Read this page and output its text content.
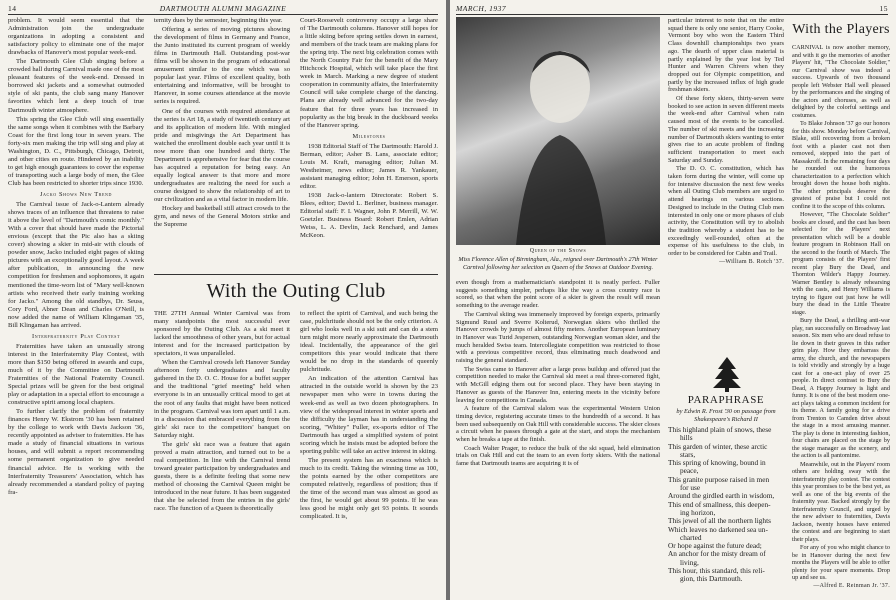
14	DARTMOUTH ALUMNI MAGAZINE

problem. It would seem essential that the Administration join the undergraduate organizations in adopting a consistent and satisfactory policy to eliminate one of the major drawbacks of Hanover's most popular week-end.

The Dartmouth Glee Club singing before a crowded hall during Carnival made one of the most pleasant features of the week-end. Dressed in borrowed ski jackets and a somewhat outmoded style of ski pants, the club sang many Hanover favorites which lent a deep touch of true Dartmouth winter atmosphere.

This spring the Glee Club will sing essentially the same songs when it combines with the Barbary Coast for the first long tour in seven years. The forty-six men making the trip will sing and play at Washington, D. C., Pittsburgh, Chicago, Detroit, and other cities en route. Hindered by an inability to get high enough guarantees to cover the expense of transporting such a large body of men, the Glee Club has been restricted to shorter trips since 1930.

Jacko Shows New Trend

The Carnival issue of Jack-o-Lantern already shows traces of an influence that threatens to raise it above the level of "Dartmouth's comic monthly." With a cover that should have made the Pictorial envious (except that the Pic also has a skiing cover) showing a skier in mid-air with clouds of powder snow, Jacko included eight pages of skiing pictures with an exceptionally good layout. A week after publication, in announcing the new competition for freshmen and sophomores, it again mentioned the time-worn list of "Mary well-known artists who received their early training working for Jacko." Among the old standbys, Dr. Seuss, Cory Ford, Abner Dean and Charles O'Neill, is now added the name of William Klingaman '35, Bill Klingaman has arrived.

Interfraternity Play Contest

Fraternities have taken an unusually strong interest in the Interfraternity Play Contest, with more than $150 being offered in awards and cups, much of it by the Committee on Dartmouth Fraternities of the National Fraternity Council. Special prizes will be given for the best original play or adaptation in a special effort to encourage a constructive spirit among local chapters.

To further clarify the problem of fraternity finances Henry W. Ekstrom '30 has been retained by the college to work with Davis Jackson '36, recently appointed as adviser to fraternities. He has made a study of financial situations in various houses, and will submit a report recommending some permanent organization to give needed financial advice. He is working with the Interfraternity Treasurers' Association, which has already recommended a standard policy of paying fra-

ternity dues by the semester, beginning this year.

Offering a series of moving pictures showing the development of films in Germany and France, the Junto instituted its current program of weekly films in Dartmouth Hall. Outstanding post-war films will be shown in the program of educational amusement similar to the one which was so popular last year. Films of excellent quality, both entertaining and informative, will be brought to Hanover, in some courses attendance at the movie series is required.

One of the courses with required attendance at the series is Art 18, a study of twentieth century art and its application of modern life. With mingled pride and misgivings the Art Department has watched the enrollment double each year until it is now more than one hundred and thirty. The Department is apprehensive for fear that the course has acquired a reputation for being easy. An equally logical answer is that more and more undergraduates are realizing the need for such a course designed to show the relationship of art to our civilization and as a vital factor in modern life.

Hockey and basketball still attract crowds to the gym, and news of the General Motors strike and the Supreme

Court-Roosevelt controversy occupy a large share of The Dartmouth columns. Hanover still hopes for a little skiing before spring settles down in earnest, and members of the track team are making plans for the spring trip. The next big celebration comes with the North Country Fair for the benefit of the Mary Hitchcock Hospital, which will take place the first week in March. Marking a new degree of student cooperation in community affairs, the Interfraternity Council will take complete charge of the dancing. Plans are already well advanced for the two-day feature that for three years has increased in popularity as the big break in the duckboard weeks of the Hanover spring.

Milestones

1938 Editorial Staff of The Dartmouth: Harold J. Berman, editor; Asher B. Lans, associate editor; Louis M. Kraft, managing editor; Julian M. Westheimer, news editor; James R. Yankauer, assistant managing editor; John H. Emerson, sports editor.

1938 Jack-o-lantern Directorate: Robert S. Blees, editor; David L. Berliner, business manager. Editorial staff: F. I. Wagner, John P. Merrill, W. W. Goetzler. Business Board: Robert Emlen, Adrian Weiss, L. A. Devlin, Jack Renchard, and James McKeon.

With the Outing Club

THE 27TH Annual Winter Carnival was from many standpoints the most successful ever sponsored by the Outing Club. As a ski meet it lacked the smoothness of other years, but for actual interest and for the increased participation by spectators, it was unparalleled.

When the Carnival crowds left Hanover Sunday afternoon forty undergraduates and faculty gathered in the D. O. C. House for a buffet supper and the traditional "grief meeting" held when everyone is in an unusually critical mood to get at the root of any faults that might have been noticed in the program. Carnival was torn apart until 1 a.m. in a discussion that embraced everything from the girls' ski race to the competitors' banquet on Saturday night.

The girls' ski race was a feature that again proved a main attraction, and turned out to be a real competition. In line with the Carnival trend toward greater participation by undergraduates and guests, there is a definite feeling that some new method of choosing the Carnival Queen might be introduced in the near future. It has been suggested that she be selected from the entries in the girls' race. The function of a Queen is theoretically

to reflect the spirit of Carnival, and such being the case, pulchritude should not be the only criterion. A girl who looks well in a ski suit and can do a stem turn might more nearly approximate the Dartmouth ideal. Incidentally, the appearance of the girl competitors this year would indicate that there would be no drop in the standards of queenly pulchritude.

An indication of the attention Carnival has attracted in the outside world is shown by the 23 newspaper men who were in towns during the week-end as well as two dozen photographers. In view of the widespread interest in winter sports and the difficulty the layman has in understanding the scoring, "Whitey" Fuller, ex-sports editor of The Dartmouth has urged a simplified system of point scoring which he insists must be adopted before the sporting public will take an active interest in skiing.

The present system has an exactness which is much to its credit. Taking the winning time as 100, the points earned by the other competitors are computed relatively, regardless of position; thus if the time of the second man was almost as good as the first, he would get about 99 points. If he was less good he might only get 93 points. It sounds complicated. It is,

MARCH, 1937	15

even though from a mathematician's standpoint it is neatly perfect. Fuller suggests something simpler, perhaps like the way a cross country race is scored, so that when the point score of a skier is given the result will mean something to the average reader.

The Carnival skiing was immensely improved by foreign experts, primarily Sigmund Ruud and Sverre Kolterud, Norwegian skiers who thrilled the Hanover crowds by jumps of almost fifty meters. Another European luminary in Hanover was Turid Jespersen, outstanding Norwegian woman skier, and the much heralded Swiss team. Intercollegiate competition was restricted to those with a previous competitive record, thus eliminating much deadwood and raising the general standard.

The Swiss came to Hanover after a large press buildup and offered just the competition needed to make the Carnival ski meet a real three-cornered fight, with McGill edging them out for second place. They have been staying in Hanover as guests of the Hanover Inn, entering meets in the vicinity before leaving for competitions in Canada.

A feature of the Carnival slalom was the experimental Western Union timing device, registering accurate times to the hundredth of a second. It has been used subsequently on Oak Hill with considerable success. The skier closes a circuit when he passes through a gate at the start, and stops the mechanism when he breaks a tape at the finish.

Coach Walter Prager, to reduce the bulk of the ski squad, held elimination trials on Oak Hill and cut the team to an even forty skiers. With the national fame that Dartmouth teams are acquiring it is of

Queen of the Snows
Miss Florence Allen of Birmingham, Ala., reigned over Dartmouth's 27th Winter Carnival following her selection as Queen of the Snows at Outdoor Evening.

particular interest to note that on the entire squad there is only one senior, Harry Cooke, Vermont boy who won the Eastern Third Class downhill championships two years ago. The dearth of upper class material is partly explained by the year lost by Ted Hunter and Warren Chivers when they dropped out for Olympic competition, and partly by the increased influx of high grade freshman skiers.

Of these forty skiers, thirty-seven were booked to see action in seven different meets the week-end after Carnival when rain caused most of the events to be cancelled. The number of ski meets and the increasing number of Dartmouth skiers wanting to enter gives rise to an acute problem of finding sufficient transportation to meet each Saturday and Sunday.

The D. O. C. constitution, which has taken form during the winter, will come up for intensive discussion the next few weeks when all Outing Club members are urged to attend hearings on various sections. Designed to include in the Outing Club men interested in only one or more phases of club activity, the Constitution will try to abolish the tradition whereby a student has to be exceedingly well-rounded, often at the expense of his usefulness to the club, in order to be considered for Cabin and Trail.

—William B. Rotch '37.

PARAPHRASE
by Edwin R. Frost '30 on passage from Shakespeare's Richard II
This highland plain of snows, these
hills
This garden of winter, these arctic
stars,
This spring of knowing, bound in
peace,
This granite purpose raised in men
for use
Around the girdled earth in wisdom,
This end of smallness, this deepen-
ing horizon,
This jewel of all the northern lights
Which leaves no darkened sea un-
charted
Or hope against the future dead;
An anchor for the misty dream of
living,
This hour, this standard, this reli-
gion, this Dartmouth.
With the Players

CARNIVAL is now another memory, and with it go the memories of another Players' hit, "The Chocolate Soldier," our Carnival show was indeed a success. Upwards of two thousand people left Webster Hall well pleased by the performances and the singing of the actors and choruses, as well as delighted by the colorful settings and costumes.

To Blake Johnson '37 go our honors for this show. Monday before Carnival, Blake, still recovering from a broken foot with a plaster cast not then removed, stepped into the part of Massakroff. In the remaining four days he rounded out the humorous characterization to a perfection which brought down the house both nights. The other principals deserve the greatest of praise but I could not confine it to the scope of this column.

However, "The Chocolate Soldier" books are closed, and the cast has been selected for the Players' next presentation which will be a double feature program in Robinson Hall on the second to the fourth of March. The program consists of the Players' first recent play Bury the Dead, and Thornton Wilder's Happy Journey. Warner Bentley is already rehearsing with the casts, and Henry Williams is trying to figure out just how he will bury the dead in the Little Theatre stage.

Bury the Dead, a thrilling anti-war play, ran successfully on Broadway last season. Six men who are dead refuse to lie down in their graves in this rather grim play. How they embarrass the army, the church, and the newspapers is told vividly and strongly by a huge cast for a one-act play of over 25 people. In direct contrast to Bury the Dead, A Happy Journey is light and funny. It is one of the best modern one-act plays taking a common incident for its theme. A family going for a drive from Trenton to Camden drive about the stage in a most amusing manner. The play is done in interesting fashion, four chairs are placed on the stage by the stage manager as the scenery, and the action is all pantomime.

Meanwhile, out in the Players' room others are holding sway with the interfraternity play contest. The contest this year promises to be the best yet, as well as one of the big events of the fraternity year. Backed strongly by the Interfraternity Council, and urged by the new adviser to fraternities, Davis Jackson, twenty houses have entered the contest and are beginning to start their plays.

For any of you who might chance to be in Hanover during the next few months the Players will be able to offer plenty for your spare moments. Drop up and see us.

—Alfred E. Reinman Jr. '37.
